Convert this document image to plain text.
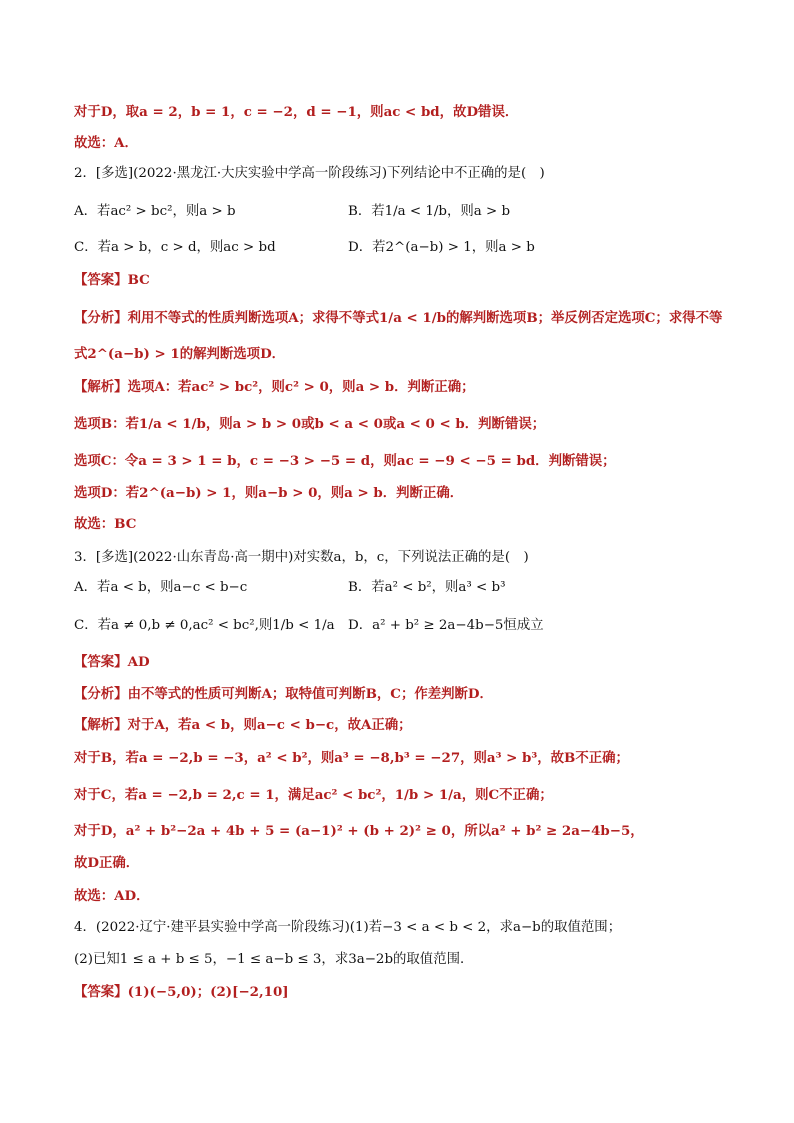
对于D，取a = 2，b = 1，c = −2，d = −1，则ac < bd，故D错误．
故选：A．
2．[多选](2022·黑龙江·大庆实验中学高一阶段练习)下列结论中不正确的是(　)
A．若ac² > bc²，则a > b	B．若1/a < 1/b，则a > b
C．若a > b，c > d，则ac > bd	D．若2^(a−b) > 1，则a > b
【答案】BC
【分析】利用不等式的性质判断选项A；求得不等式1/a < 1/b的解判断选项B；举反例否定选项C；求得不等
式2^(a−b) > 1的解判断选项D．
【解析】选项A：若ac² > bc²，则c² > 0，则a > b．判断正确；
选项B：若1/a < 1/b，则a > b > 0或b < a < 0或a < 0 < b．判断错误；
选项C：令a = 3 > 1 = b，c = −3 > −5 = d，则ac = −9 < −5 = bd．判断错误；
选项D：若2^(a−b) > 1，则a−b > 0，则a > b．判断正确．
故选：BC
3．[多选](2022·山东青岛·高一期中)对实数a，b，c，下列说法正确的是(　)
A．若a < b，则a−c < b−c	B．若a² < b²，则a³ < b³
C．若a ≠ 0,b ≠ 0,ac² < bc²,则1/b < 1/a D．a² + b² ≥ 2a−4b−5恒成立
【答案】AD
【分析】由不等式的性质可判断A；取特值可判断B，C；作差判断D．
【解析】对于A，若a < b，则a−c < b−c，故A正确；
对于B，若a = −2,b = −3，a² < b²，则a³ = −8,b³ = −27，则a³ > b³，故B不正确；
对于C，若a = −2,b = 2,c = 1，满足ac² < bc²，1/b > 1/a，则C不正确；
对于D，a² + b²−2a + 4b + 5 = (a−1)² + (b + 2)² ≥ 0，所以a² + b² ≥ 2a−4b−5，
故D正确．
故选：AD．
4．(2022·辽宁·建平县实验中学高一阶段练习)(1)若−3 < a < b < 2，求a−b的取值范围；
(2)已知1 ≤ a + b ≤ 5，−1 ≤ a−b ≤ 3，求3a−2b的取值范围．
【答案】(1)(−5,0)；(2)[−2,10]
